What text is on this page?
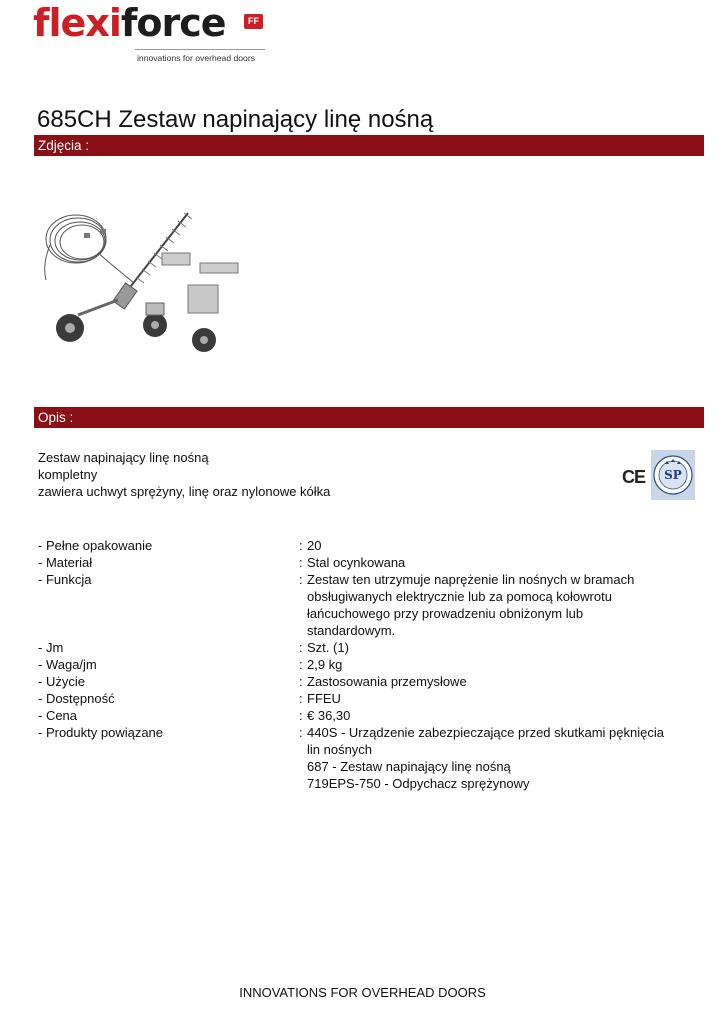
flexiforce	FF
innovations for overhead doors
685CH Zestaw napinający linę nośną
Zdjęcia :
Opis :
Zestaw napinający linę nośną
kompletny
zawiera uchwyt sprężyny, linę oraz nylonowe kółka
CE SP
- Pełne opakowanie	: 20
- Materiał	: Stal ocynkowana
- Funkcja	: Zestaw ten utrzymuje naprężenie lin nośnych w bramach
obsługiwanych elektrycznie lub za pomocą kołowrotu
łańcuchowego przy prowadzeniu obniżonym lub
standardowym.
- Jm	: Szt. (1)
- Waga/jm	: 2,9 kg
- Użycie	: Zastosowania przemysłowe
- Dostępność	: FFEU
- Cena	: € 36,30
- Produkty powiązane	: 440S - Urządzenie zabezpieczające przed skutkami pęknięcia
lin nośnych
687 - Zestaw napinający linę nośną
719EPS-750 - Odpychacz sprężynowy
INNOVATIONS FOR OVERHEAD DOORS
